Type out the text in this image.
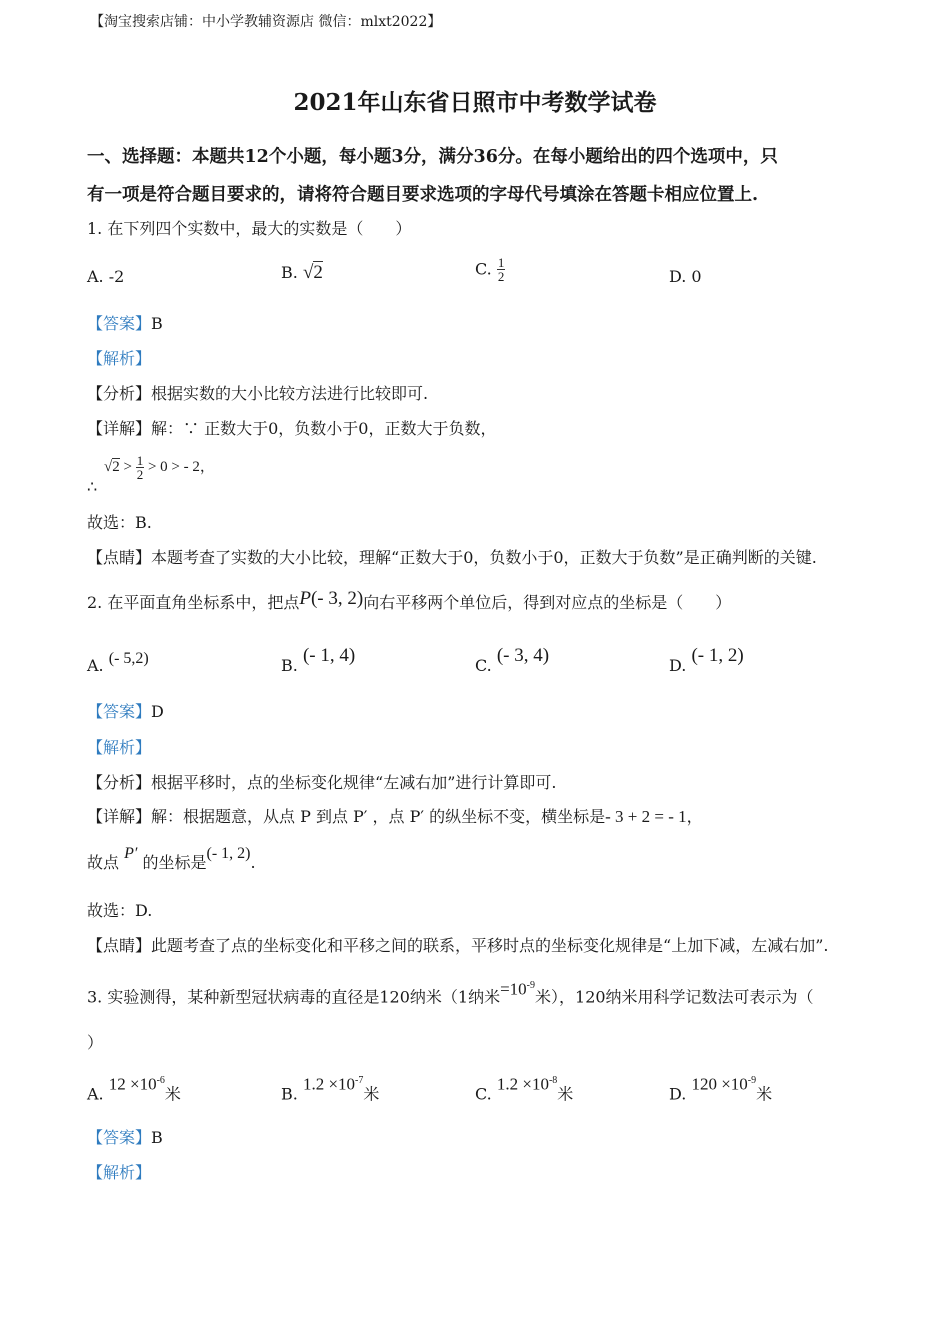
【淘宝搜索店铺：中小学教辅资源店 微信：mlxt2022】
2021年山东省日照市中考数学试卷
一、选择题：本题共12个小题，每小题3分，满分36分。在每小题给出的四个选项中，只
有一项是符合题目要求的，请将符合题目要求选项的字母代号填涂在答题卡相应位置上.
1. 在下列四个实数中，最大的实数是（　　）
A. -2	B. √2	C. $\frac{1}{2}$	D. 0
【答案】B
【解析】
【分析】根据实数的大小比较方法进行比较即可.
【详解】解：∵ 正数大于0，负数小于0，正数大于负数，
∴
$√2 > \frac{1}{2} > 0$ > - 2，
故选：B.
【点睛】本题考查了实数的大小比较，理解“正数大于0，负数小于0，正数大于负数”是正确判断的关键.
2. 在平面直角坐标系中，把点P(- 3, 2)向右平移两个单位后，得到对应点的坐标是（　　）
A. (- 5,2)	B. (- 1, 4)	C. (- 3, 4)	D. (- 1, 2)
【答案】D
【解析】
【分析】根据平移时，点的坐标变化规律“左减右加”进行计算即可.
【详解】解：根据题意，从点 P 到点 P′ ，点 P′ 的纵坐标不变，横坐标是- 3 + 2 = - 1，
故点 P′ 的坐标是(- 1, 2).
故选：D.
【点睛】此题考查了点的坐标变化和平移之间的联系，平移时点的坐标变化规律是“上加下减，左减右加”.
3. 实验测得，某种新型冠状病毒的直径是120纳米（1纳米$=10^{-9}$米），120纳米用科学记数法可表示为（
）
A. $12 \times 10^{-6}$米	B. $1.2 \times 10^{-7}$米	C. $1.2 \times 10^{-8}$米	D. $120 \times 10^{-9}$米
【答案】B
【解析】
